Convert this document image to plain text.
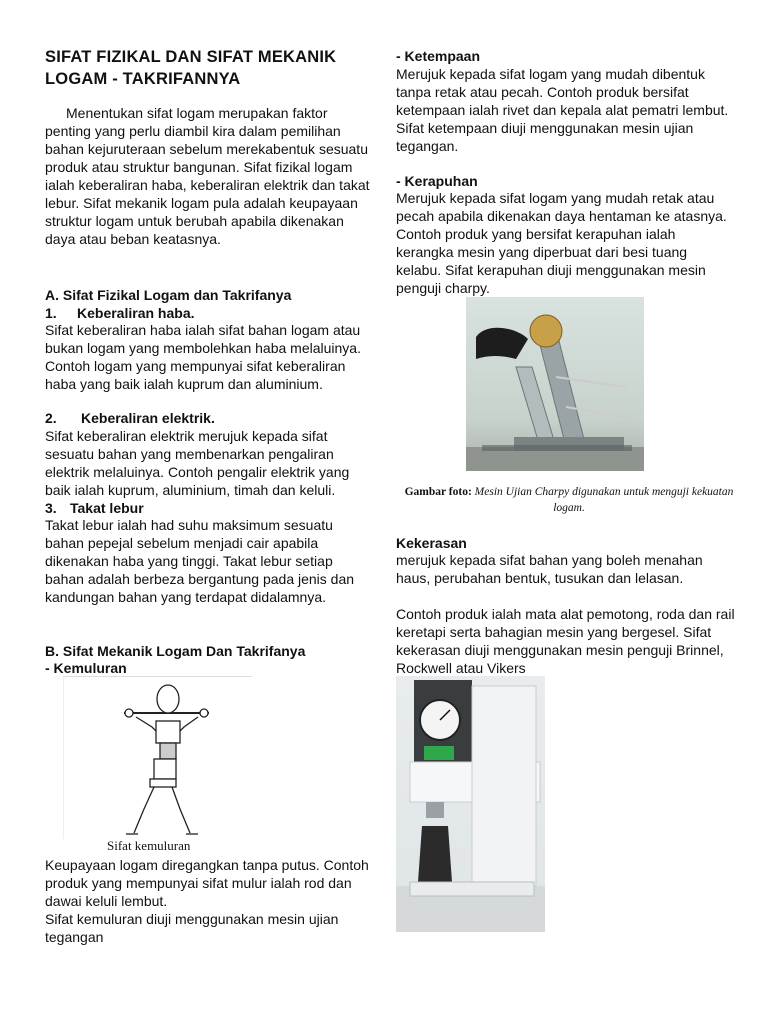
SIFAT FIZIKAL DAN SIFAT MEKANIK LOGAM - TAKRIFANNYA

Menentukan sifat logam merupakan faktor penting yang perlu diambil kira dalam pemilihan bahan kejuruteraan sebelum merekabentuk sesuatu produk atau struktur bangunan. Sifat fizikal logam ialah keberaliran haba, keberaliran elektrik dan takat lebur. Sifat mekanik logam pula adalah keupayaan struktur logam untuk berubah apabila dikenakan daya atau beban keatasnya.

A. Sifat Fizikal Logam dan Takrifanya
1. Keberaliran haba.

Sifat keberaliran haba ialah sifat bahan logam atau bukan logam yang membolehkan haba melaluinya. Contoh logam yang mempunyai sifat keberaliran haba yang baik ialah kuprum dan aluminium.

2. Keberaliran elektrik.

Sifat keberaliran elektrik merujuk kepada sifat sesuatu bahan yang membenarkan pengaliran elektrik melaluinya. Contoh pengalir elektrik yang baik ialah kuprum, aluminium, timah dan keluli.

3. Takat lebur

Takat lebur ialah had suhu maksimum sesuatu bahan pepejal sebelum menjadi cair apabila dikenakan haba yang tinggi. Takat lebur setiap bahan adalah berbeza bergantung pada jenis dan kandungan bahan yang terdapat didalamnya.

B. Sifat Mekanik Logam Dan Takrifanya
- Kemuluran
Sifat kemuluran

Keupayaan logam diregangkan tanpa putus. Contoh produk yang mempunyai sifat mulur ialah rod dan dawai keluli lembut.

Sifat kemuluran diuji menggunakan mesin ujian tegangan

- Ketempaan

Merujuk kepada sifat logam yang mudah dibentuk tanpa retak atau pecah. Contoh produk bersifat ketempaan ialah rivet dan kepala alat pematri lembut. Sifat ketempaan diuji menggunakan mesin ujian tegangan.

- Kerapuhan

Merujuk kepada sifat logam yang mudah retak atau pecah apabila dikenakan daya hentaman ke atasnya. Contoh produk yang bersifat kerapuhan ialah kerangka mesin yang diperbuat dari besi tuang kelabu. Sifat kerapuhan diuji menggunakan mesin penguji charpy.

Gambar foto: Mesin Ujian Charpy digunakan untuk menguji kekuatan logam.
Kekerasan

merujuk kepada sifat bahan yang boleh menahan haus, perubahan bentuk, tusukan dan lelasan.

Contoh produk ialah mata alat pemotong, roda dan rail keretapi serta bahagian mesin yang bergesel. Sifat kekerasan diuji menggunakan mesin penguji Brinnel, Rockwell atau Vikers
